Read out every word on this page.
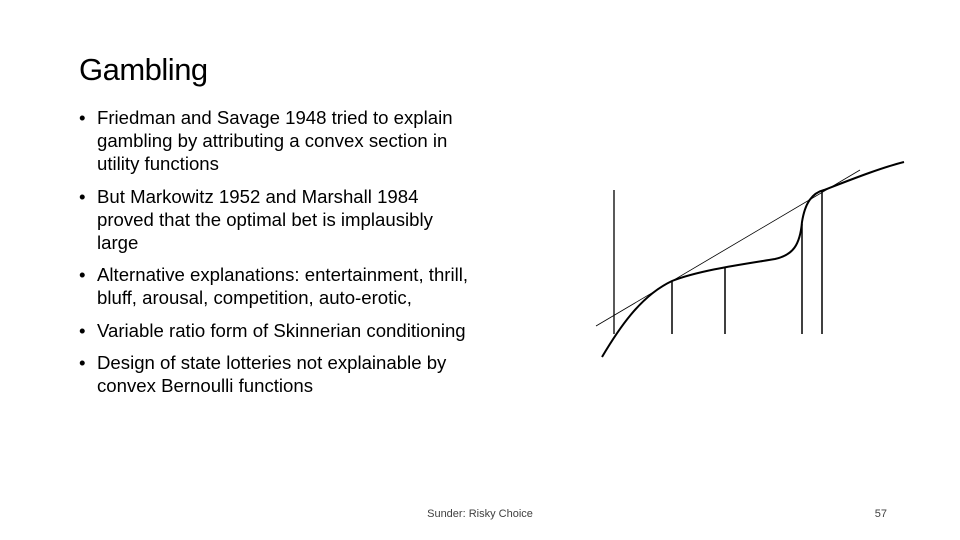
Gambling
• Friedman and Savage 1948 tried to explain gambling by attributing a convex section in utility functions
• But Markowitz 1952 and Marshall 1984 proved that the optimal bet is implausibly large
• Alternative explanations: entertainment, thrill, bluff, arousal, competition, auto-erotic,
• Variable ratio form of Skinnerian conditioning
• Design of state lotteries not explainable by convex Bernoulli functions
Sunder: Risky Choice	57
